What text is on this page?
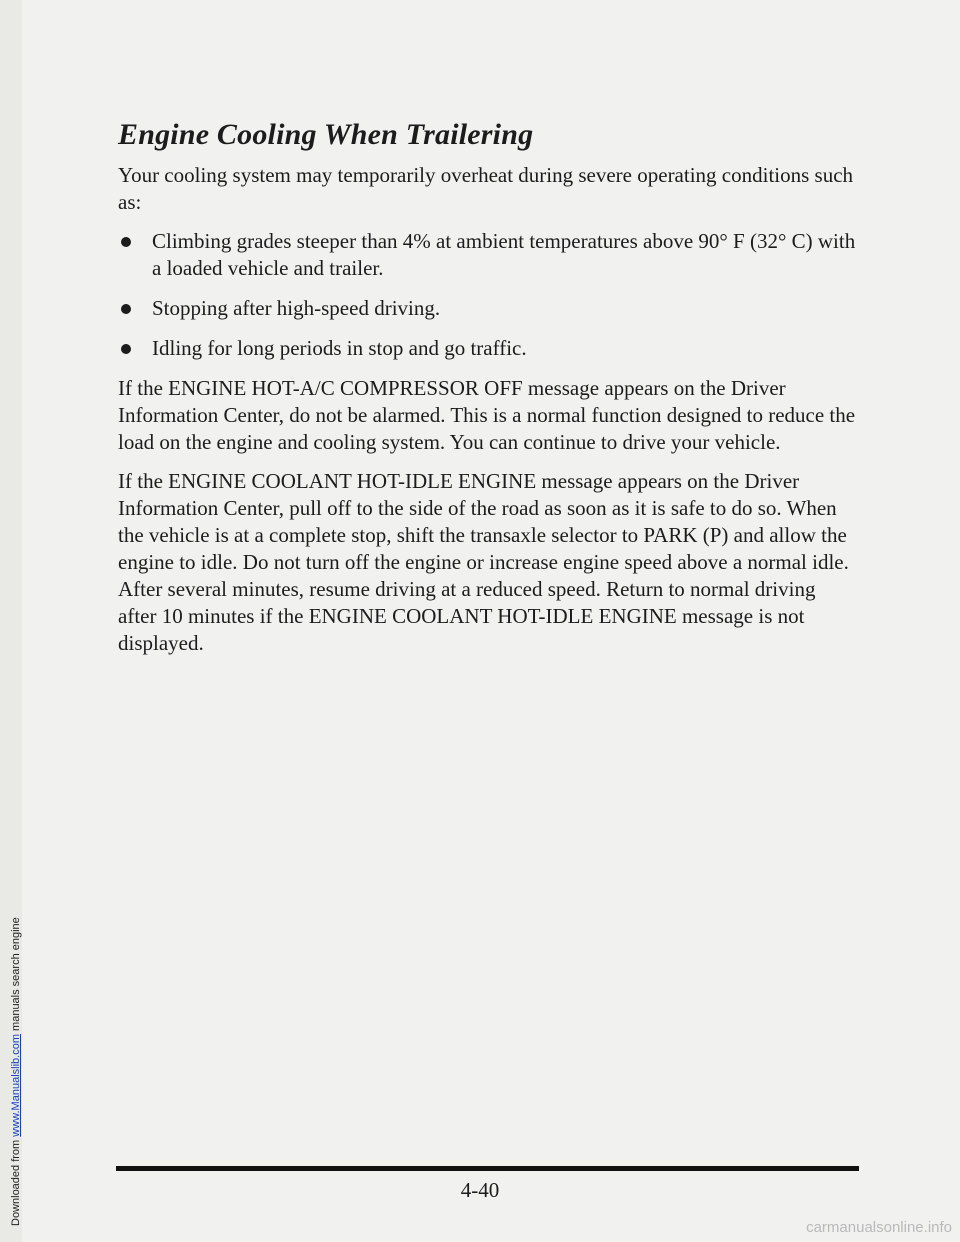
Downloaded from www.Manualslib.com manuals search engine
Engine Cooling When Trailering

Your cooling system may temporarily overheat during severe operating conditions such as:

Climbing grades steeper than 4% at ambient temperatures above 90° F (32° C) with a loaded vehicle and trailer.
Stopping after high-speed driving.
Idling for long periods in stop and go traffic.

If the ENGINE HOT-A/C COMPRESSOR OFF message appears on the Driver Information Center, do not be alarmed. This is a normal function designed to reduce the load on the engine and cooling system. You can continue to drive your vehicle.

If the ENGINE COOLANT HOT-IDLE ENGINE message appears on the Driver Information Center, pull off to the side of the road as soon as it is safe to do so. When the vehicle is at a complete stop, shift the transaxle selector to PARK (P) and allow the engine to idle. Do not turn off the engine or increase engine speed above a normal idle. After several minutes, resume driving at a reduced speed. Return to normal driving after 10 minutes if the ENGINE COOLANT HOT-IDLE ENGINE message is not displayed.

4-40
carmanualsonline.info
